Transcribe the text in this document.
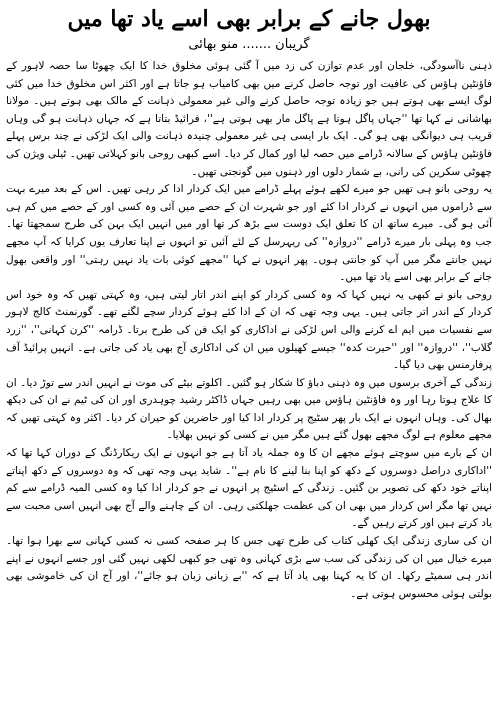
بھول جانے کے برابر بھی اسے یاد تھا میں
گریبان.......منو بھائی

ذہنی ناآسودگی، خلجان اور عدم توازن کی زد میں آ گئی ہوئی مخلوق خدا کا ایک چھوٹا سا حصہ لاہور کے فاؤنٹین ہاؤس کی عافیت اور توجہ حاصل کرنے میں بھی کامیاب ہو جاتا ہے اور اکثر اس مخلوق خدا میں کئی لوگ ایسے بھی ہوتے ہیں جو زیادہ توجہ حاصل کرنے والی غیر معمولی ذہانت کے مالک بھی ہوتے ہیں۔ مولانا بھاشانی نے کہا تھا ''جہاں پاگل ہوتا ہے پاگل مار بھی ہوتی ہے''، فرائیڈ بتاتا ہے کہ جہاں ذہانت ہو گی وہاں قریب ہی دیوانگی بھی ہو گی۔ ایک بار ایسی ہی غیر معمولی چنیدہ ذہانت والی ایک لڑکی نے چند برس پہلے فاؤنٹین ہاؤس کے سالانہ ڈرامے میں حصہ لیا اور کمال کر دیا۔ اسے کبھی روحی بانو کہلاتی تھیں۔ ٹیلی ویژن کی چھوٹی سکرین کی رانی، بے شمار دلوں اور ذہنوں میں گونجتی تھیں۔

یہ روحی بانو ہی تھیں جو میرے لکھے ہوئے پہلے ڈرامے میں ایک کردار ادا کر رہی تھیں۔ اس کے بعد میرے بہت سے ڈراموں میں انہوں نے کردار ادا کئے اور جو شہرت ان کے حصے میں آئی وہ کسی اور کے حصے میں کم ہی آئی ہو گی۔ میرے ساتھ ان کا تعلق ایک دوست سے بڑھ کر تھا اور میں انہیں ایک بہن کی طرح سمجھتا تھا۔ جب وہ پہلی بار میرے ڈرامے ''دروازہ'' کی ریہرسل کے لئے آئیں تو انہوں نے اپنا تعارف یوں کرایا کہ آپ مجھے نہیں جانتے مگر میں آپ کو جانتی ہوں۔ پھر انہوں نے کہا ''مجھے کوئی بات یاد نہیں رہتی'' اور واقعی بھول جانے کے برابر بھی اسے یاد تھا میں۔

روحی بانو نے کبھی یہ نہیں کہا کہ وہ کسی کردار کو اپنے اندر اتار لیتی ہیں، وہ کہتی تھیں کہ وہ خود اس کردار کے اندر اتر جاتی ہیں۔ یہی وجہ تھی کہ ان کے ادا کئے ہوئے کردار سچے لگتے تھے۔ گورنمنٹ کالج لاہور سے نفسیات میں ایم اے کرنے والی اس لڑکی نے اداکاری کو ایک فن کی طرح برتا۔ ڈرامہ ''کرن کہانی''، ''زرد گلاب''، ''دروازہ'' اور ''حیرت کدہ'' جیسے کھیلوں میں ان کی اداکاری آج بھی یاد کی جاتی ہے۔ انہیں پرائیڈ آف پرفارمنس بھی دیا گیا۔

زندگی کے آخری برسوں میں وہ ذہنی دباؤ کا شکار ہو گئیں۔ اکلوتے بیٹے کی موت نے انہیں اندر سے توڑ دیا۔ ان کا علاج ہوتا رہا اور وہ فاؤنٹین ہاؤس میں بھی رہیں جہاں ڈاکٹر رشید چوہدری اور ان کی ٹیم نے ان کی دیکھ بھال کی۔ وہاں انہوں نے ایک بار پھر سٹیج پر کردار ادا کیا اور حاضرین کو حیران کر دیا۔ اکثر وہ کہتی تھیں کہ مجھے معلوم ہے لوگ مجھے بھول گئے ہیں مگر میں نے کسی کو نہیں بھلایا۔

ان کے بارے میں سوچتے ہوئے مجھے ان کا وہ جملہ یاد آتا ہے جو انہوں نے ایک ریکارڈنگ کے دوران کہا تھا کہ ''اداکاری دراصل دوسروں کے دکھ کو اپنا بنا لینے کا نام ہے''۔ شاید یہی وجہ تھی کہ وہ دوسروں کے دکھ اپناتے اپناتے خود دکھ کی تصویر بن گئیں۔ زندگی کے اسٹیج پر انہوں نے جو کردار ادا کیا وہ کسی المیہ ڈرامے سے کم نہیں تھا مگر اس کردار میں بھی ان کی عظمت جھلکتی رہی۔ ان کے چاہنے والے آج بھی انہیں اسی محبت سے یاد کرتے ہیں اور کرتے رہیں گے۔

ان کی ساری زندگی ایک کھلی کتاب کی طرح تھی جس کا ہر صفحہ کسی نہ کسی کہانی سے بھرا ہوا تھا۔ میرے خیال میں ان کی زندگی کی سب سے بڑی کہانی وہ تھی جو کبھی لکھی نہیں گئی اور جسے انہوں نے اپنے اندر ہی سمیٹے رکھا۔ ان کا یہ کہنا بھی یاد آتا ہے کہ ''بے زبانی زبان ہو جائے''، اور آج ان کی خاموشی بھی بولتی ہوئی محسوس ہوتی ہے۔
